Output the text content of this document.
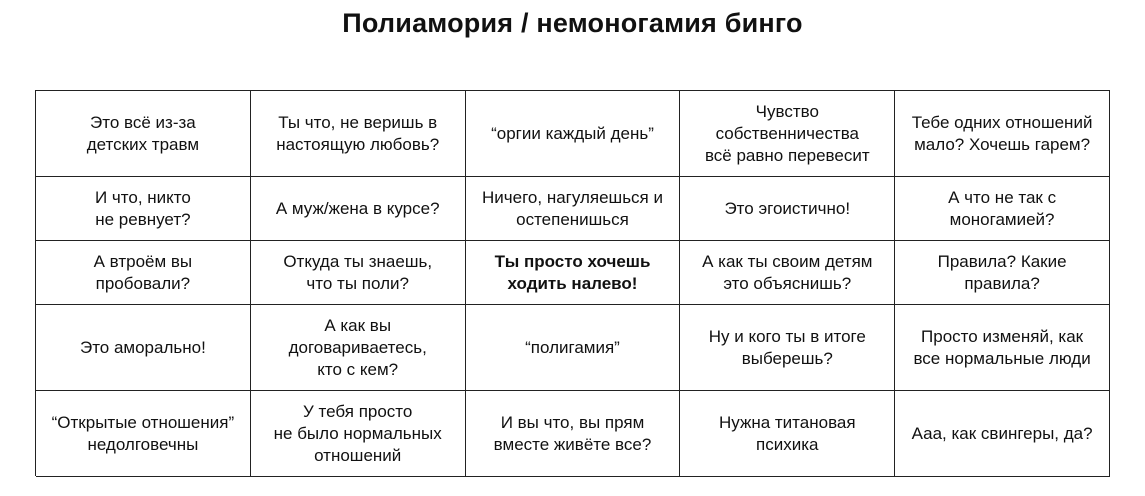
Полиамория / немоногамия бинго
Это всё из-за
детских травм
Ты что, не веришь в
настоящую любовь?
“оргии каждый день”
Чувство
собственничества
всё равно перевесит
Тебе одних отношений
мало? Хочешь гарем?
И что, никто
не ревнует?
А муж/жена в курсе?
Ничего, нагуляешься и
остепенишься
Это эгоистично!
А что не так с
моногамией?
А втроём вы
пробовали?
Откуда ты знаешь,
что ты поли?
Ты просто хочешь
ходить налево!
А как ты своим детям
это объяснишь?
Правила? Какие
правила?
Это аморально!
А как вы
договариваетесь,
кто с кем?
“полигамия”
Ну и кого ты в итоге
выберешь?
Просто изменяй, как
все нормальные люди
“Открытые отношения”
недолговечны
У тебя просто
не было нормальных
отношений
И вы что, вы прям
вместе живёте все?
Нужна титановая
психика
Ааа, как свингеры, да?
